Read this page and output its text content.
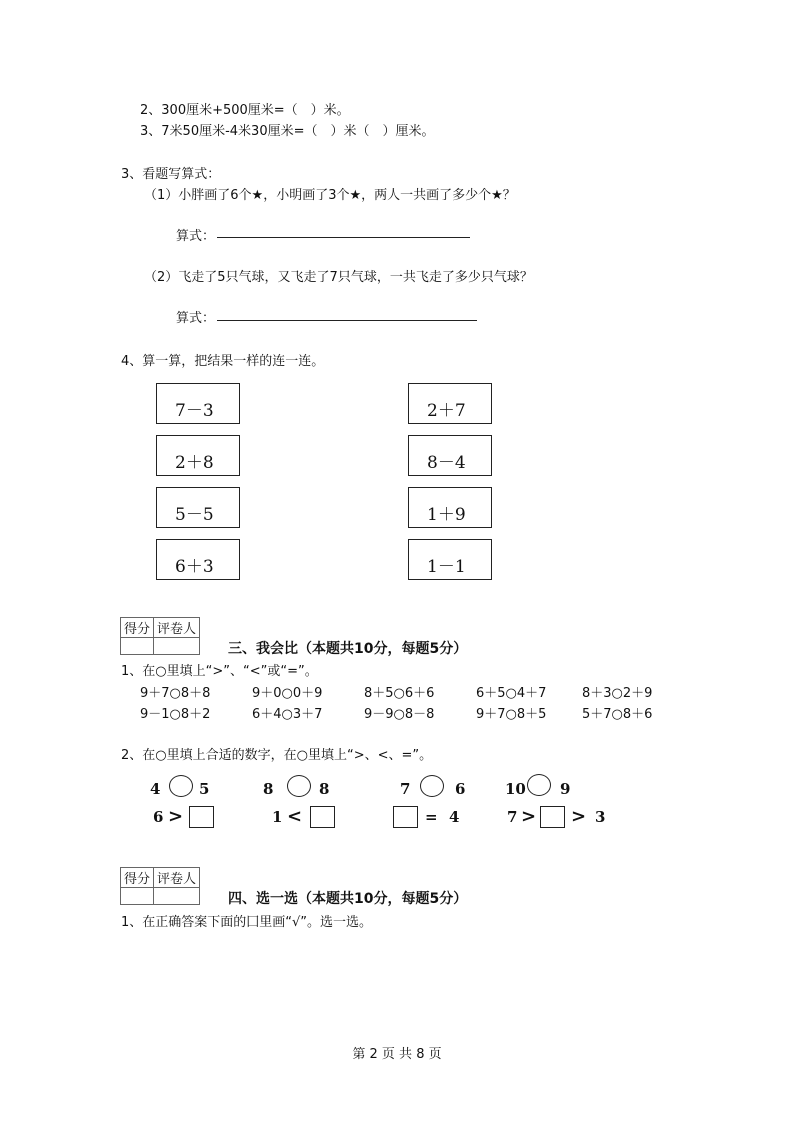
2、300厘米+500厘米=（　）米。
3、7米50厘米-4米30厘米=（　）米（　）厘米。
3、看题写算式：
（1）小胖画了6个★，小明画了3个★，两人一共画了多少个★？
算式：
（2）飞走了5只气球，又飞走了7只气球，一共飞走了多少只气球？
算式：
4、算一算，把结果一样的连一连。
7－3
2＋8
5－5
6＋3
2＋7
8－4
1＋9
1－1
得分	评卷人

三、我会比（本题共10分，每题5分）
1、在○里填上“>”、“<”或“=”。
9＋7○8＋8	9＋0○0＋9	8＋5○6＋6	6＋5○4＋7	8＋3○2＋9
9－1○8＋2	6＋4○3＋7	9－9○8－8	9＋7○8＋5	5＋7○8＋6
2、在○里填上合适的数字，在○里填上“>、<、=”。
4	5	8	8	7	6	10 9
6 >	1 <	= 4	7 > > 3
得分	评卷人

四、选一选（本题共10分，每题5分）
1、在正确答案下面的囗里画“√”。选一选。
第 2 页 共 8 页
